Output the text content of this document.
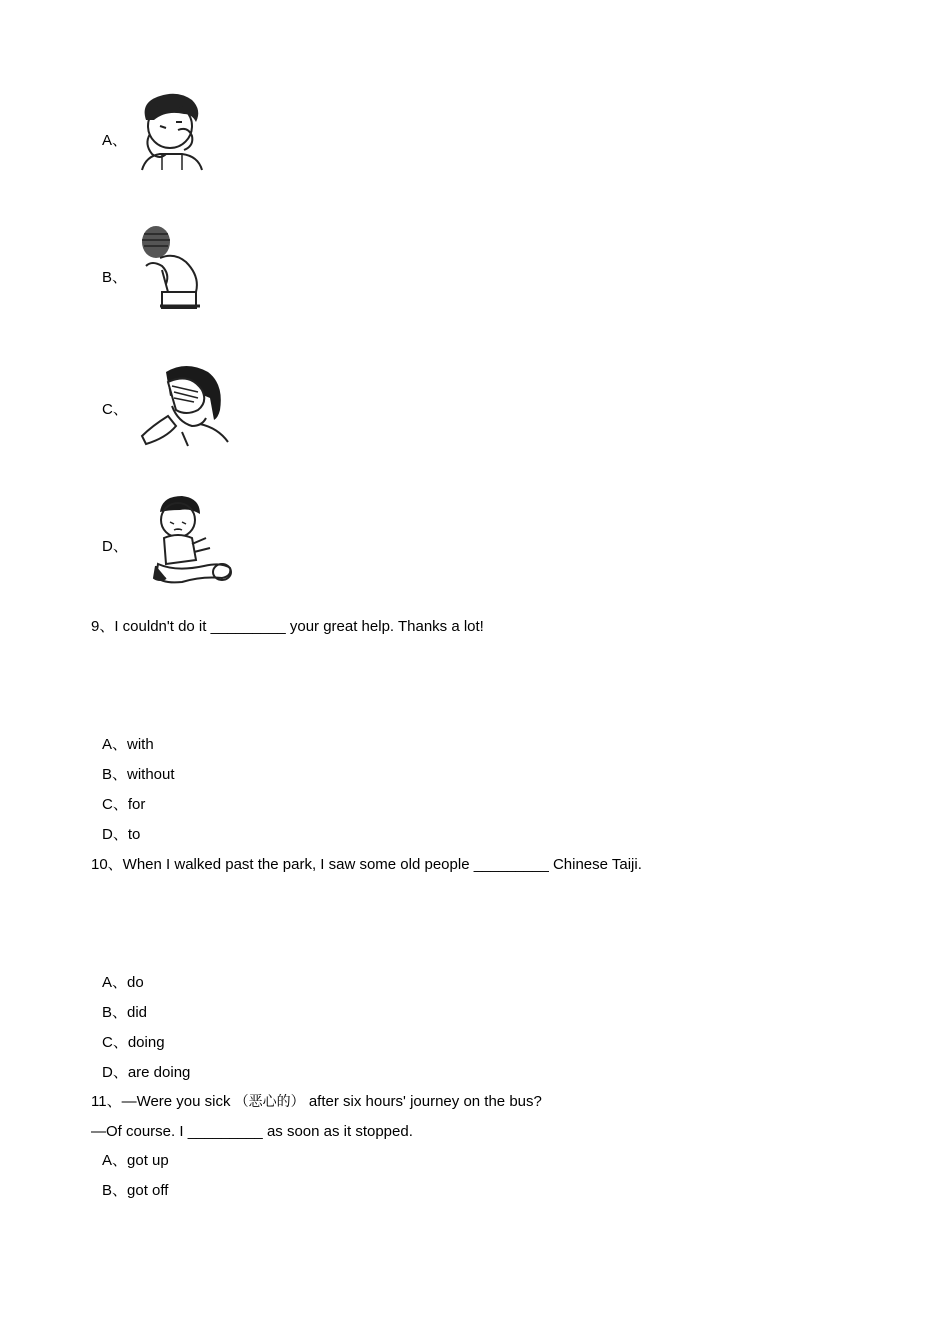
A、
B、
C、
D、
9、I couldn't do it _________ your great help. Thanks a lot!
A、with
B、without
C、for
D、to
10、When I walked past the park, I saw some old people _________ Chinese Taiji.
A、do
B、did
C、doing
D、are doing
11、—Were you sick （恶心的） after six hours' journey on the bus?
—Of course. I _________ as soon as it stopped.
A、got up
B、got off
